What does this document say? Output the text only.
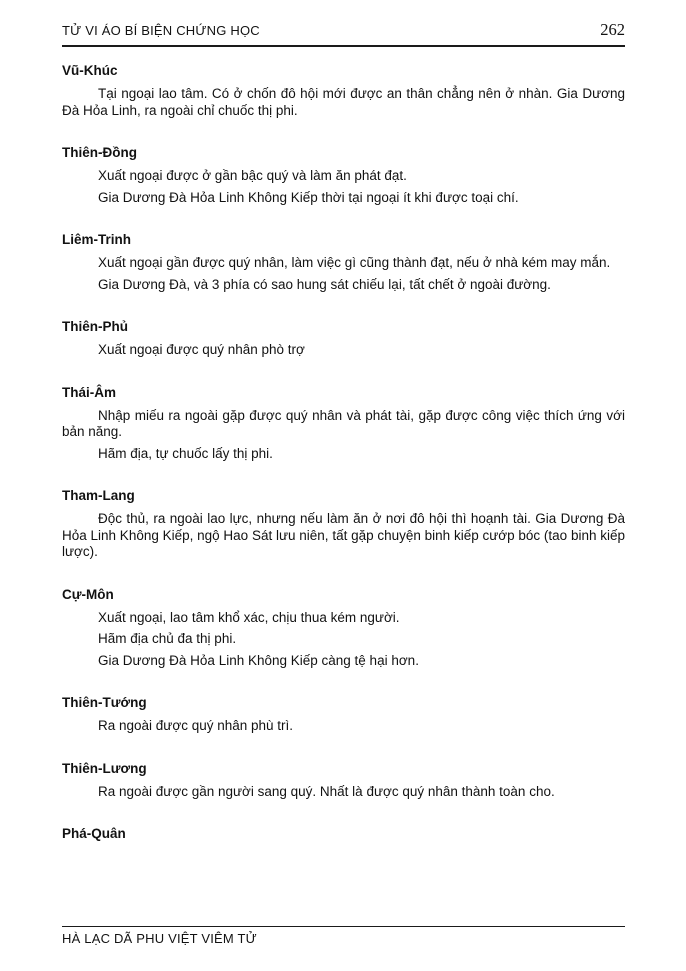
TỬ VI ÁO BÍ BIỆN CHỨNG HỌC	262
Vũ-Khúc

Tại ngoại lao tâm. Có ở chốn đô hội mới được an thân chẳng nên ở nhàn. Gia Dương Đà Hỏa Linh, ra ngoài chỉ chuốc thị phi.

Thiên-Đồng

Xuất ngoại được ở gần bậc quý và làm ăn phát đạt.

Gia Dương Đà Hỏa Linh Không Kiếp thời tại ngoại ít khi được toại chí.

Liêm-Trinh

Xuất ngoại gần được quý nhân, làm việc gì cũng thành đạt, nếu ở nhà kém may mắn.

Gia Dương Đà, và 3 phía có sao hung sát chiếu lại, tất chết ở ngoài đường.

Thiên-Phủ

Xuất ngoại được quý nhân phò trợ

Thái-Âm

Nhập miếu ra ngoài gặp được quý nhân và phát tài, gặp được công việc thích ứng với bản năng.

Hãm địa, tự chuốc lấy thị phi.

Tham-Lang

Độc thủ, ra ngoài lao lực, nhưng nếu làm ăn ở nơi đô hội thì hoạnh tài. Gia Dương Đà Hỏa Linh Không Kiếp, ngộ Hao Sát lưu niên, tất gặp chuyện binh kiếp cướp bóc (tao binh kiếp lược).

Cự-Môn

Xuất ngoại, lao tâm khổ xác, chịu thua kém người.

Hãm địa chủ đa thị phi.

Gia Dương Đà Hỏa Linh Không Kiếp càng tệ hại hơn.

Thiên-Tướng

Ra ngoài được quý nhân phù trì.

Thiên-Lương

Ra ngoài được gần người sang quý. Nhất là được quý nhân thành toàn cho.

Phá-Quân
HÀ LẠC DÃ PHU VIỆT VIÊM TỬ
